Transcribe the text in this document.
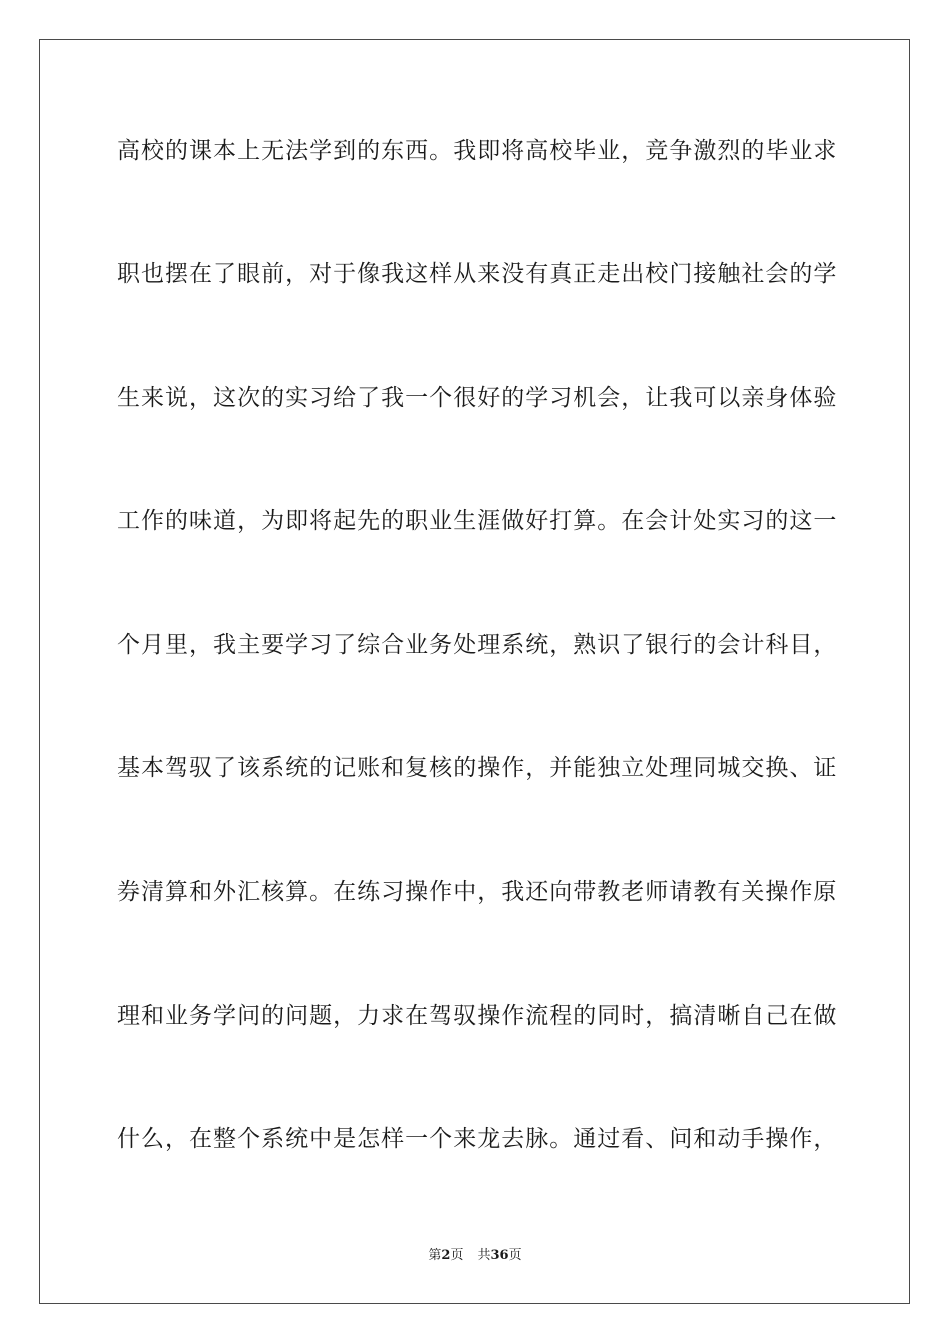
高校的课本上无法学到的东西。我即将高校毕业，竞争激烈的毕业求
职也摆在了眼前，对于像我这样从来没有真正走出校门接触社会的学
生来说，这次的实习给了我一个很好的学习机会，让我可以亲身体验
工作的味道，为即将起先的职业生涯做好打算。在会计处实习的这一
个月里，我主要学习了综合业务处理系统，熟识了银行的会计科目，
基本驾驭了该系统的记账和复核的操作，并能独立处理同城交换、证
券清算和外汇核算。在练习操作中，我还向带教老师请教有关操作原
理和业务学问的问题，力求在驾驭操作流程的同时，搞清晰自己在做
什么，在整个系统中是怎样一个来龙去脉。通过看、问和动手操作，
第2页 共36页
